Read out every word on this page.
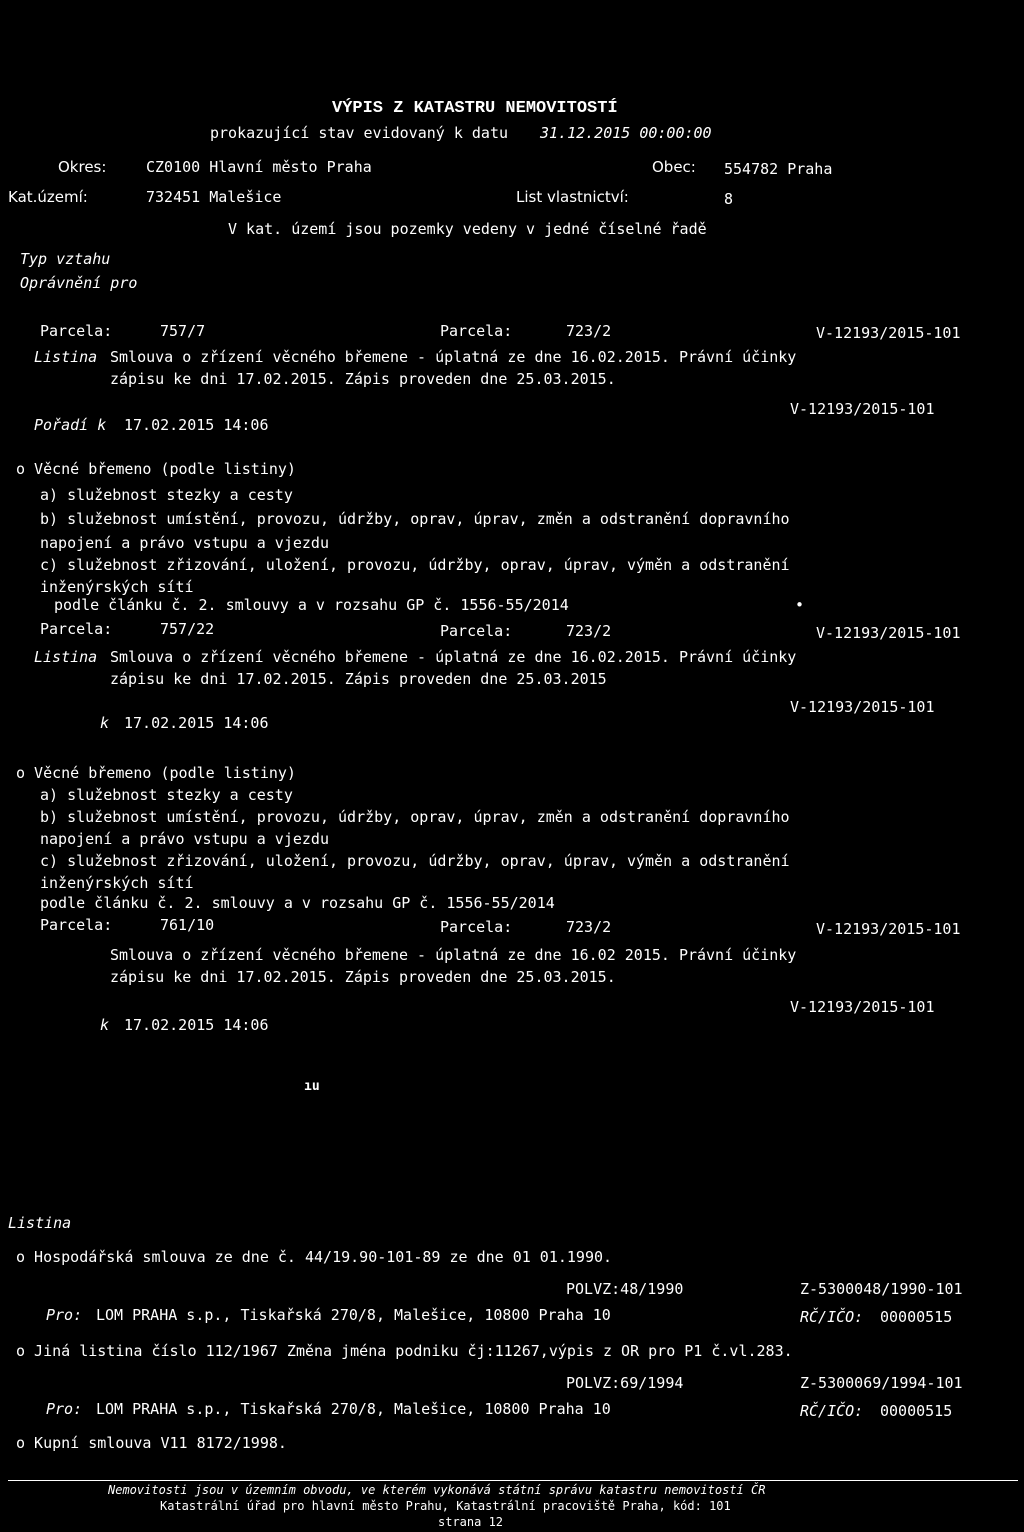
VÝPIS Z KATASTRU NEMOVITOSTÍ
prokazující stav evidovaný k datu 31.12.2015 00:00:00
Okres:	CZ0100 Hlavní město Praha	Obec: 554782 Praha
Kat.území:	732451 Malešice	List vlastnictví:	8
V kat. území jsou pozemky vedeny v jedné číselné řadě
Typ vztahu
Oprávnění pro
Parcela:	757/7	Parcela:	723/2	V-12193/2015-101
Listina Smlouva o zřízení věcného břemene - úplatná ze dne 16.02.2015. Právní účinky
zápisu ke dni 17.02.2015. Zápis proveden dne 25.03.2015.
V-12193/2015-101
Pořadí k 17.02.2015 14:06
o Věcné břemeno (podle listiny)
a) služebnost stezky a cesty
b) služebnost umístění, provozu, údržby, oprav, úprav, změn a odstranění dopravního
napojení a právo vstupu a vjezdu
c) služebnost zřizování, uložení, provozu, údržby, oprav, úprav, výměn a odstranění
inženýrských sítí
podle článku č. 2. smlouvy a v rozsahu GP č. 1556-55/2014	•
Parcela:	757/22	Parcela:	723/2	V-12193/2015-101
Listina Smlouva o zřízení věcného břemene - úplatná ze dne 16.02.2015. Právní účinky
zápisu ke dni 17.02.2015. Zápis proveden dne 25.03.2015
V-12193/2015-101
k 17.02.2015 14:06
o Věcné břemeno (podle listiny)
a) služebnost stezky a cesty
b) služebnost umístění, provozu, údržby, oprav, úprav, změn a odstranění dopravního
napojení a právo vstupu a vjezdu
c) služebnost zřizování, uložení, provozu, údržby, oprav, úprav, výměn a odstranění
inženýrských sítí
podle článku č. 2. smlouvy a v rozsahu GP č. 1556-55/2014
Parcela:	761/10	Parcela:	723/2	V-12193/2015-101
Smlouva o zřízení věcného břemene - úplatná ze dne 16.02 2015. Právní účinky
zápisu ke dni 17.02.2015. Zápis proveden dne 25.03.2015.
V-12193/2015-101
k 17.02.2015 14:06
ıu
Listina
o Hospodářská smlouva ze dne č. 44/19.90-101-89 ze dne 01 01.1990.
POLVZ:48/1990	Z-5300048/1990-101
Pro: LOM PRAHA s.p., Tiskařská 270/8, Malešice, 10800 Praha 10	RČ/IČO: 00000515
o Jiná listina číslo 112/1967 Změna jména podniku čj:11267,výpis z OR pro P1 č.vl.283.
POLVZ:69/1994	Z-5300069/1994-101
Pro: LOM PRAHA s.p., Tiskařská 270/8, Malešice, 10800 Praha 10	RČ/IČO: 00000515
o Kupní smlouva V11 8172/1998.
Nemovitosti jsou v územním obvodu, ve kterém vykonává státní správu katastru nemovitostí ČR
Katastrální úřad pro hlavní město Prahu, Katastrální pracoviště Praha, kód: 101
strana 12
